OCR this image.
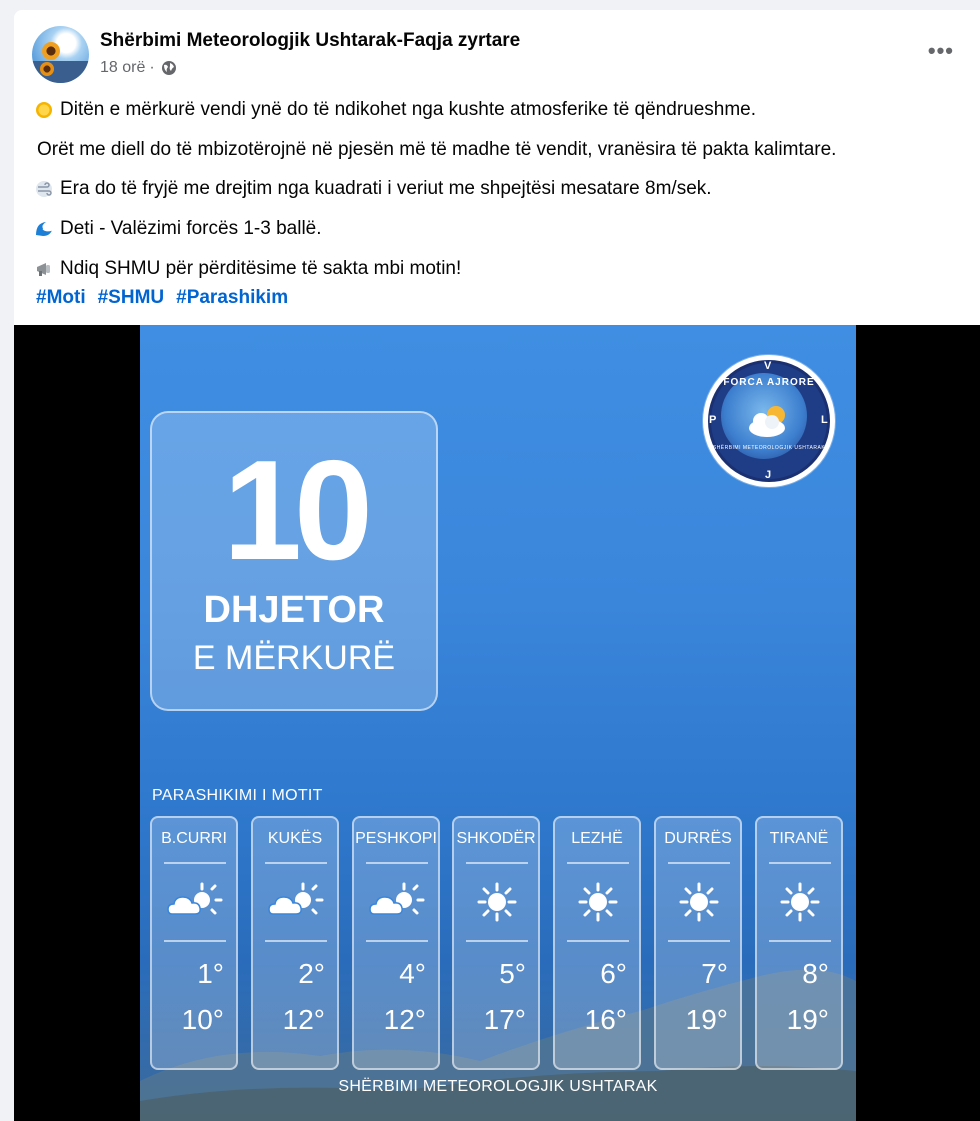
Shërbimi Meteorologjik Ushtarak-Faqja zyrtare
18 orë ·
•••
Ditën e mërkurë vendi ynë do të ndikohet nga kushte atmosferike të qëndrueshme.
Orët me diell do të mbizotërojnë në pjesën më të madhe të vendit, vranësira të pakta kalimtare.
Era do të fryjë me drejtim nga kuadrati i veriut me shpejtësi mesatare 8m/sek.
Deti - Valëzimi forcës 1-3 ballë.
Ndiq SHMU për përditësime të sakta mbi motin!
#Moti #SHMU #Parashikim
10
DHJETOR
E MËRKURË
FORCA AJRORE
SHËRBIMI METEOROLOGJIK USHTARAK
V
P	L
J
PARASHIKIMI I MOTIT
B.CURRI
1°
10°
KUKËS
2°
12°
PESHKOPI
4°
12°
SHKODËR
5°
17°
LEZHË
6°
16°
DURRËS
7°
19°
TIRANË
8°
19°
SHËRBIMI METEOROLOGJIK USHTARAK
